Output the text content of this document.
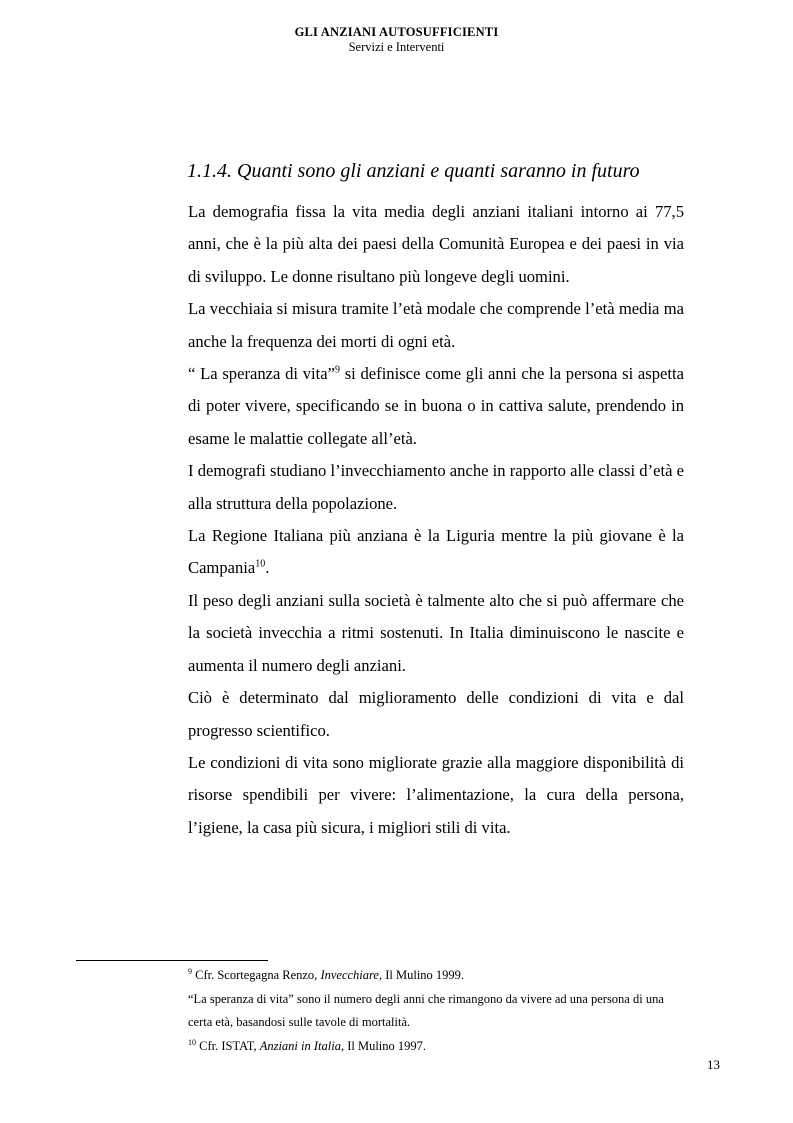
GLI ANZIANI AUTOSUFFICIENTI
Servizi e Interventi
1.1.4. Quanti sono gli anziani e quanti saranno in futuro

La demografia fissa la vita media degli anziani italiani intorno ai 77,5 anni, che è la più alta dei paesi della Comunità Europea e dei paesi in via di sviluppo. Le donne risultano più longeve degli uomini.

La vecchiaia si misura tramite l’età modale che comprende l’età media ma anche la frequenza dei morti di ogni età.

“ La speranza di vita”$^9$ si definisce come gli anni che la persona si aspetta di poter vivere, specificando se in buona o in cattiva salute, prendendo in esame le malattie collegate all’età.

I demografi studiano l’invecchiamento anche in rapporto alle classi d’età e alla struttura della popolazione.

La Regione Italiana più anziana è la Liguria mentre la più giovane è la Campania$^{10}$.

Il peso degli anziani sulla società è talmente alto che si può affermare che la società invecchia a ritmi sostenuti. In Italia diminuiscono le nascite e aumenta il numero degli anziani.

Ciò è determinato dal miglioramento delle condizioni di vita e dal progresso scientifico.

Le condizioni di vita sono migliorate grazie alla maggiore disponibilità di risorse spendibili per vivere: l’alimentazione, la cura della persona, l’igiene, la casa più sicura, i migliori stili di vita.

$^9$ Cfr. Scortegagna Renzo, Invecchiare, Il Mulino 1999.

“La speranza di vita” sono il numero degli anni che rimangono da vivere ad una persona di una certa età, basandosi sulle tavole di mortalità.

$^{10}$ Cfr. ISTAT, Anziani in Italia, Il Mulino 1997.

13
